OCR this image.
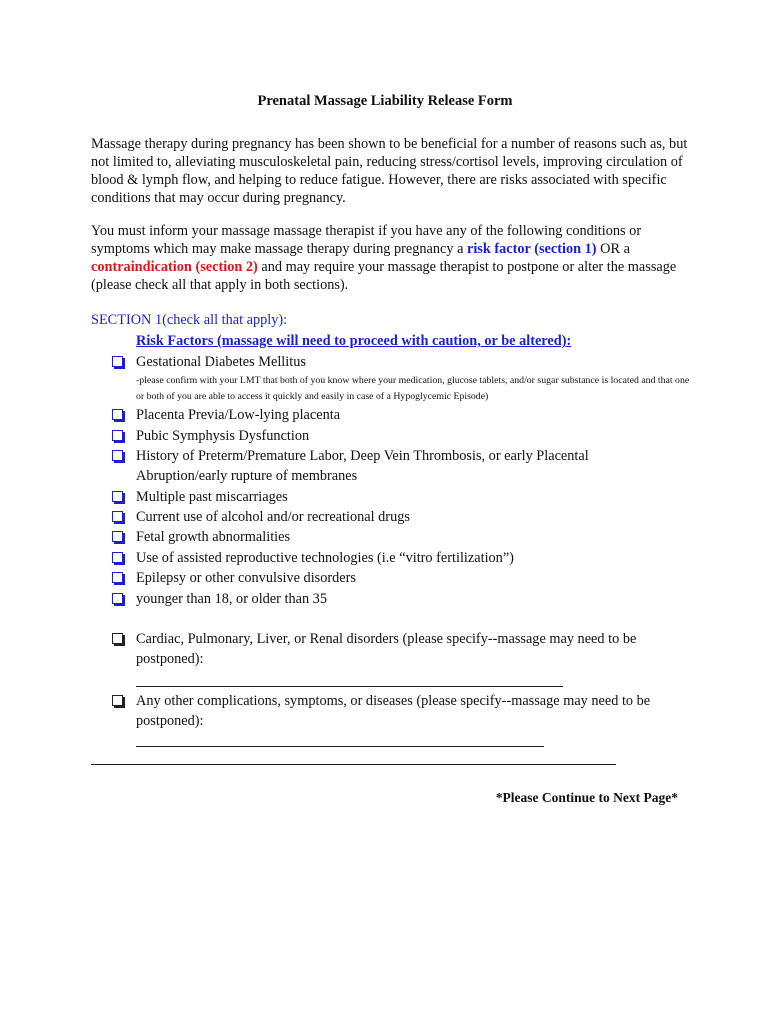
Prenatal Massage Liability Release Form
Massage therapy during pregnancy has been shown to be beneficial for a number of reasons such as, but not limited to, alleviating musculoskeletal pain, reducing stress/cortisol levels, improving circulation of blood & lymph flow, and helping to reduce fatigue. However, there are risks associated with specific conditions that may occur during pregnancy.
You must inform your massage massage therapist if you have any of the following conditions or symptoms which may make massage therapy during pregnancy a risk factor (section 1) OR a contraindication (section 2) and may require your massage therapist to postpone or alter the massage (please check all that apply in both sections).
SECTION 1(check all that apply):
Risk Factors (massage will need to proceed with caution, or be altered):
Gestational Diabetes Mellitus
-please confirm with your LMT that both of you know where your medication, glucose tablets, and/or sugar substance is located and that one or both of you are able to access it quickly and easily in case of a Hypoglycemic Episode)
Placenta Previa/Low-lying placenta
Pubic Symphysis Dysfunction
History of Preterm/Premature Labor, Deep Vein Thrombosis, or early Placental Abruption/early rupture of membranes
Multiple past miscarriages
Current use of alcohol and/or recreational drugs
Fetal growth abnormalities
Use of assisted reproductive technologies (i.e “vitro fertilization”)
Epilepsy or other convulsive disorders
younger than 18, or older than 35
Cardiac, Pulmonary, Liver, or Renal disorders (please specify--massage may need to be postponed):
Any other complications, symptoms, or diseases (please specify--massage may need to be postponed):
*Please Continue to Next Page*
